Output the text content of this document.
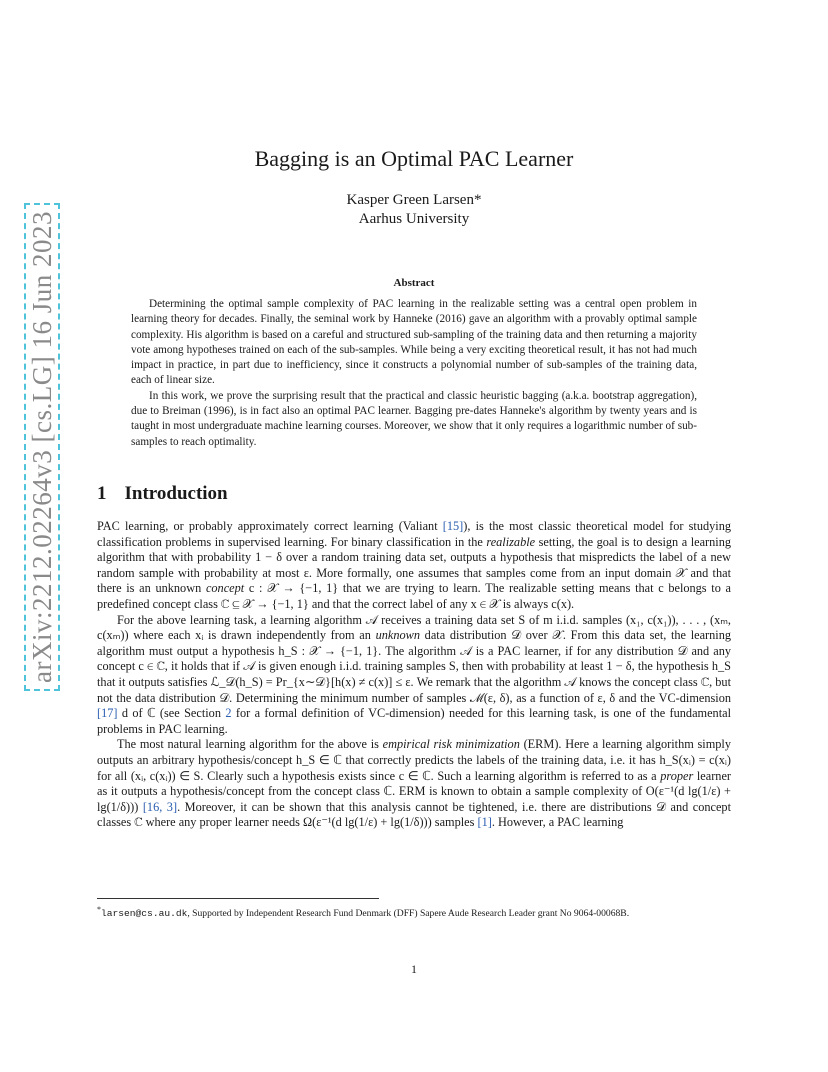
arXiv:2212.02264v3 [cs.LG] 16 Jun 2023
Bagging is an Optimal PAC Learner
Kasper Green Larsen*
Aarhus University
Abstract

Determining the optimal sample complexity of PAC learning in the realizable setting was a central open problem in learning theory for decades. Finally, the seminal work by Hanneke (2016) gave an algorithm with a provably optimal sample complexity. His algorithm is based on a careful and structured sub-sampling of the training data and then returning a majority vote among hypotheses trained on each of the sub-samples. While being a very exciting theoretical result, it has not had much impact in practice, in part due to inefficiency, since it constructs a polynomial number of sub-samples of the training data, each of linear size.

In this work, we prove the surprising result that the practical and classic heuristic bagging (a.k.a. bootstrap aggregation), due to Breiman (1996), is in fact also an optimal PAC learner. Bagging pre-dates Hanneke's algorithm by twenty years and is taught in most undergraduate machine learning courses. Moreover, we show that it only requires a logarithmic number of sub-samples to reach optimality.

1 Introduction

PAC learning, or probably approximately correct learning (Valiant [15]), is the most classic theoretical model for studying classification problems in supervised learning. For binary classification in the realizable setting, the goal is to design a learning algorithm that with probability 1 − δ over a random training data set, outputs a hypothesis that mispredicts the label of a new random sample with probability at most ε. More formally, one assumes that samples come from an input domain 𝒳 and that there is an unknown concept c : 𝒳 → {−1, 1} that we are trying to learn. The realizable setting means that c belongs to a predefined concept class ℂ ⊆ 𝒳 → {−1, 1} and that the correct label of any x ∈ 𝒳 is always c(x).

For the above learning task, a learning algorithm 𝒜 receives a training data set S of m i.i.d. samples (x₁, c(x₁)), . . . , (xₘ, c(xₘ)) where each xᵢ is drawn independently from an unknown data distribution 𝒟 over 𝒳. From this data set, the learning algorithm must output a hypothesis h_S : 𝒳 → {−1, 1}. The algorithm 𝒜 is a PAC learner, if for any distribution 𝒟 and any concept c ∈ ℂ, it holds that if 𝒜 is given enough i.i.d. training samples S, then with probability at least 1 − δ, the hypothesis h_S that it outputs satisfies ℒ_𝒟(h_S) = Pr_{x∼𝒟}[h(x) ≠ c(x)] ≤ ε. We remark that the algorithm 𝒜 knows the concept class ℂ, but not the data distribution 𝒟. Determining the minimum number of samples ℳ(ε, δ), as a function of ε, δ and the VC-dimension [17] d of ℂ (see Section 2 for a formal definition of VC-dimension) needed for this learning task, is one of the fundamental problems in PAC learning.

The most natural learning algorithm for the above is empirical risk minimization (ERM). Here a learning algorithm simply outputs an arbitrary hypothesis/concept h_S ∈ ℂ that correctly predicts the labels of the training data, i.e. it has h_S(xᵢ) = c(xᵢ) for all (xᵢ, c(xᵢ)) ∈ S. Clearly such a hypothesis exists since c ∈ ℂ. Such a learning algorithm is referred to as a proper learner as it outputs a hypothesis/concept from the concept class ℂ. ERM is known to obtain a sample complexity of O(ε⁻¹(d lg(1/ε) + lg(1/δ))) [16, 3]. Moreover, it can be shown that this analysis cannot be tightened, i.e. there are distributions 𝒟 and concept classes ℂ where any proper learner needs Ω(ε⁻¹(d lg(1/ε) + lg(1/δ))) samples [1]. However, a PAC learning

*larsen@cs.au.dk, Supported by Independent Research Fund Denmark (DFF) Sapere Aude Research Leader grant No 9064-00068B.
1
